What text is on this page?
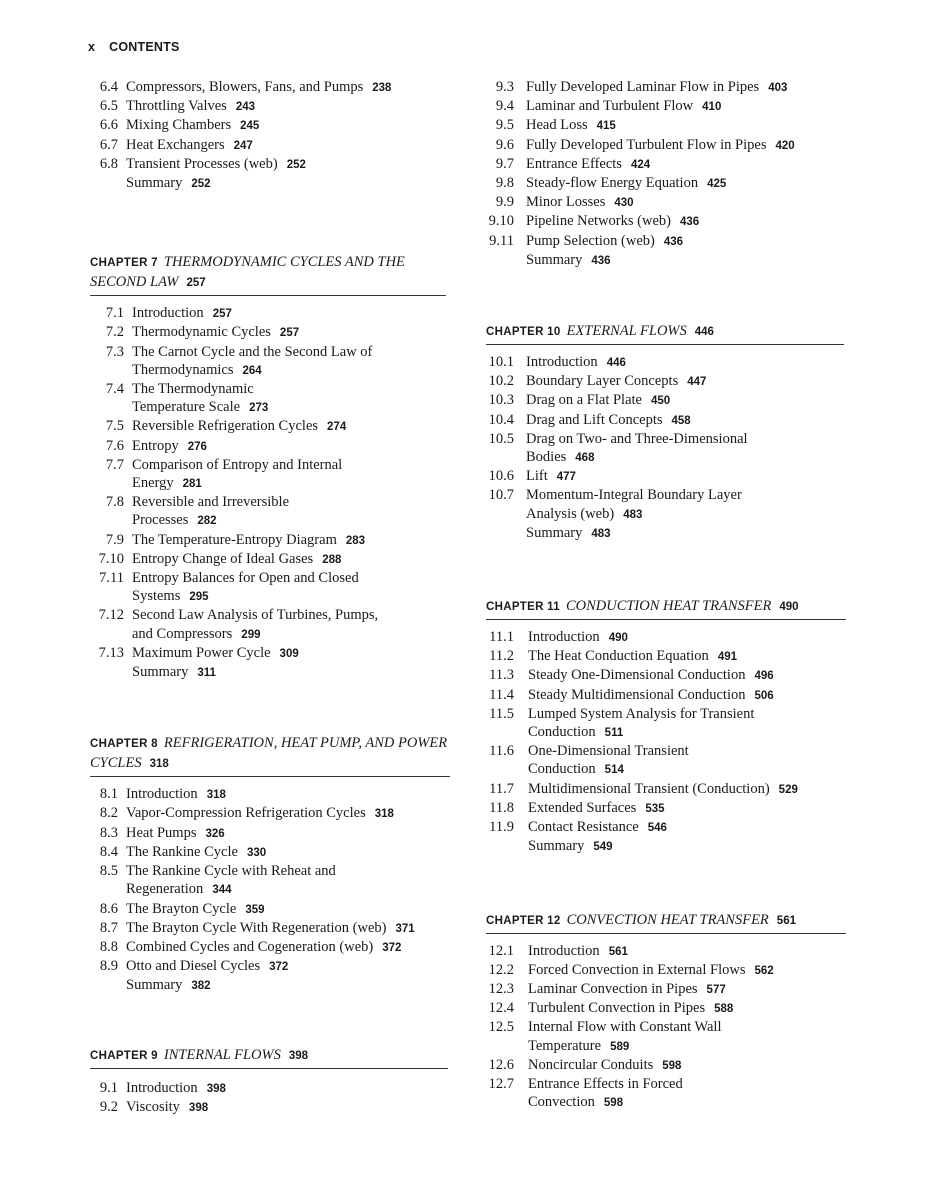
x CONTENTS
6.4 Compressors, Blowers, Fans, and Pumps 238
6.5 Throttling Valves 243
6.6 Mixing Chambers 245
6.7 Heat Exchangers 247
6.8 Transient Processes (web) 252
Summary 252
CHAPTER 7 THERMODYNAMIC CYCLES AND THE SECOND LAW 257
7.1 Introduction 257
7.2 Thermodynamic Cycles 257
7.3 The Carnot Cycle and the Second Law of Thermodynamics 264
7.4 The Thermodynamic Temperature Scale 273
7.5 Reversible Refrigeration Cycles 274
7.6 Entropy 276
7.7 Comparison of Entropy and Internal Energy 281
7.8 Reversible and Irreversible Processes 282
7.9 The Temperature-Entropy Diagram 283
7.10 Entropy Change of Ideal Gases 288
7.11 Entropy Balances for Open and Closed Systems 295
7.12 Second Law Analysis of Turbines, Pumps, and Compressors 299
7.13 Maximum Power Cycle 309
Summary 311
CHAPTER 8 REFRIGERATION, HEAT PUMP, AND POWER CYCLES 318
8.1 Introduction 318
8.2 Vapor-Compression Refrigeration Cycles 318
8.3 Heat Pumps 326
8.4 The Rankine Cycle 330
8.5 The Rankine Cycle with Reheat and Regeneration 344
8.6 The Brayton Cycle 359
8.7 The Brayton Cycle With Regeneration (web) 371
8.8 Combined Cycles and Cogeneration (web) 372
8.9 Otto and Diesel Cycles 372
Summary 382
CHAPTER 9 INTERNAL FLOWS 398
9.1 Introduction 398
9.2 Viscosity 398
9.3 Fully Developed Laminar Flow in Pipes 403
9.4 Laminar and Turbulent Flow 410
9.5 Head Loss 415
9.6 Fully Developed Turbulent Flow in Pipes 420
9.7 Entrance Effects 424
9.8 Steady-flow Energy Equation 425
9.9 Minor Losses 430
9.10 Pipeline Networks (web) 436
9.11 Pump Selection (web) 436
Summary 436
CHAPTER 10 EXTERNAL FLOWS 446
10.1 Introduction 446
10.2 Boundary Layer Concepts 447
10.3 Drag on a Flat Plate 450
10.4 Drag and Lift Concepts 458
10.5 Drag on Two- and Three-Dimensional Bodies 468
10.6 Lift 477
10.7 Momentum-Integral Boundary Layer Analysis (web) 483
Summary 483
CHAPTER 11 CONDUCTION HEAT TRANSFER 490
11.1 Introduction 490
11.2 The Heat Conduction Equation 491
11.3 Steady One-Dimensional Conduction 496
11.4 Steady Multidimensional Conduction 506
11.5 Lumped System Analysis for Transient Conduction 511
11.6 One-Dimensional Transient Conduction 514
11.7 Multidimensional Transient (Conduction) 529
11.8 Extended Surfaces 535
11.9 Contact Resistance 546
Summary 549
CHAPTER 12 CONVECTION HEAT TRANSFER 561
12.1 Introduction 561
12.2 Forced Convection in External Flows 562
12.3 Laminar Convection in Pipes 577
12.4 Turbulent Convection in Pipes 588
12.5 Internal Flow with Constant Wall Temperature 589
12.6 Noncircular Conduits 598
12.7 Entrance Effects in Forced Convection 598
